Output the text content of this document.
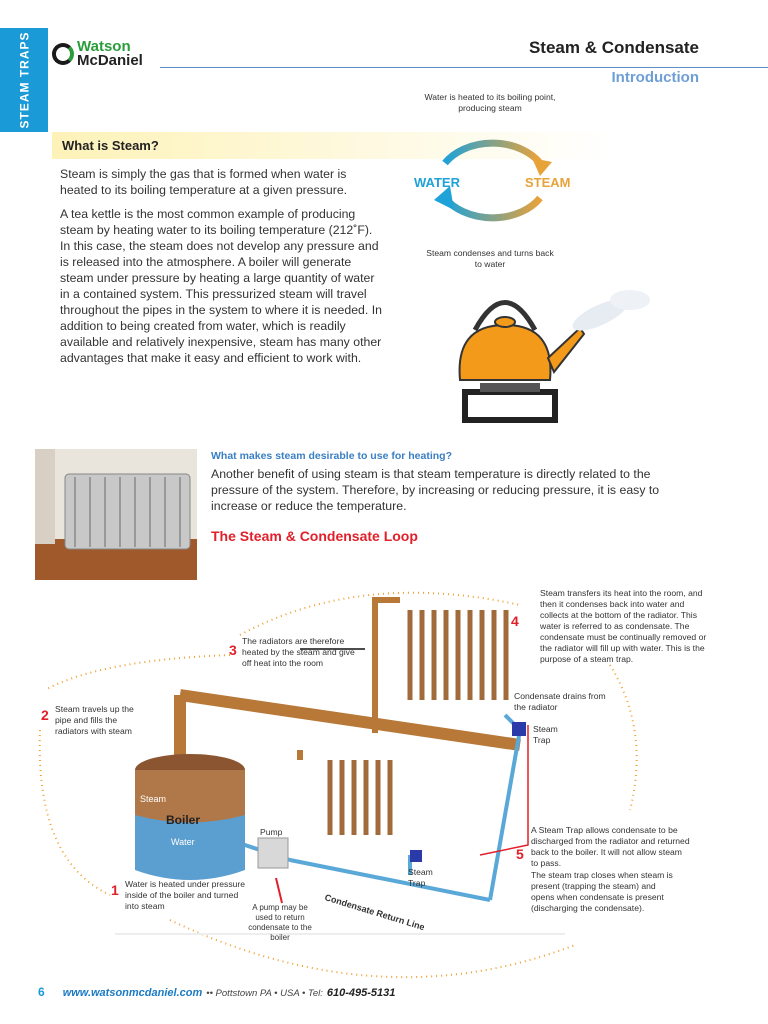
STEAM TRAPS	Watson
McDaniel
Steam & Condensate
Introduction
What is Steam?

Steam is simply the gas that is formed when water is heated to its boiling temperature at a given pressure.

A tea kettle is the most common example of producing steam by heating water to its boiling temperature (212˚F). In this case, the steam does not develop any pressure and is released into the atmosphere. A boiler will generate steam under pressure by heating a large quantity of water in a contained system. This pressurized steam will travel throughout the pipes in the system to where it is needed. In addition to being created from water, which is readily available and relatively inexpensive, steam has many other advantages that make it easy and efficient to work with.

Water is heated to its boiling point, producing steam
WATER	STEAM
Steam condenses and turns back to water
What makes steam desirable to use for heating?

Another benefit of using steam is that steam temperature is directly related to the pressure of the system. Therefore, by increasing or reducing pressure, it is easy to increase or reduce the temperature.

The Steam & Condensate Loop
Steam
Boiler
Water
Pump
A pump may be used to return condensate to the boiler
Condensate Return Line
1 Water is heated under pressure inside of the boiler and turned into steam
2 Steam travels up the pipe and fills the radiators with steam
3
The radiators are therefore heated by the steam and give off heat into the room
4
Steam transfers its heat into the room, and then it condenses back into water and collects at the bottom of the radiator. This water is referred to as condensate. The condensate must be continually removed or the radiator will fill up with water. This is the purpose of a steam trap.
Condensate drains from the radiator
Steam Trap
Steam Trap
5
A Steam Trap allows condensate to be discharged from the radiator and returned back to the boiler. It will not allow steam to pass.
The steam trap closes when steam is present (trapping the steam) and opens when condensate is present (discharging the condensate).
6 www.watsonmcdaniel.com •• Pottstown PA • USA • Tel: 610-495-5131
